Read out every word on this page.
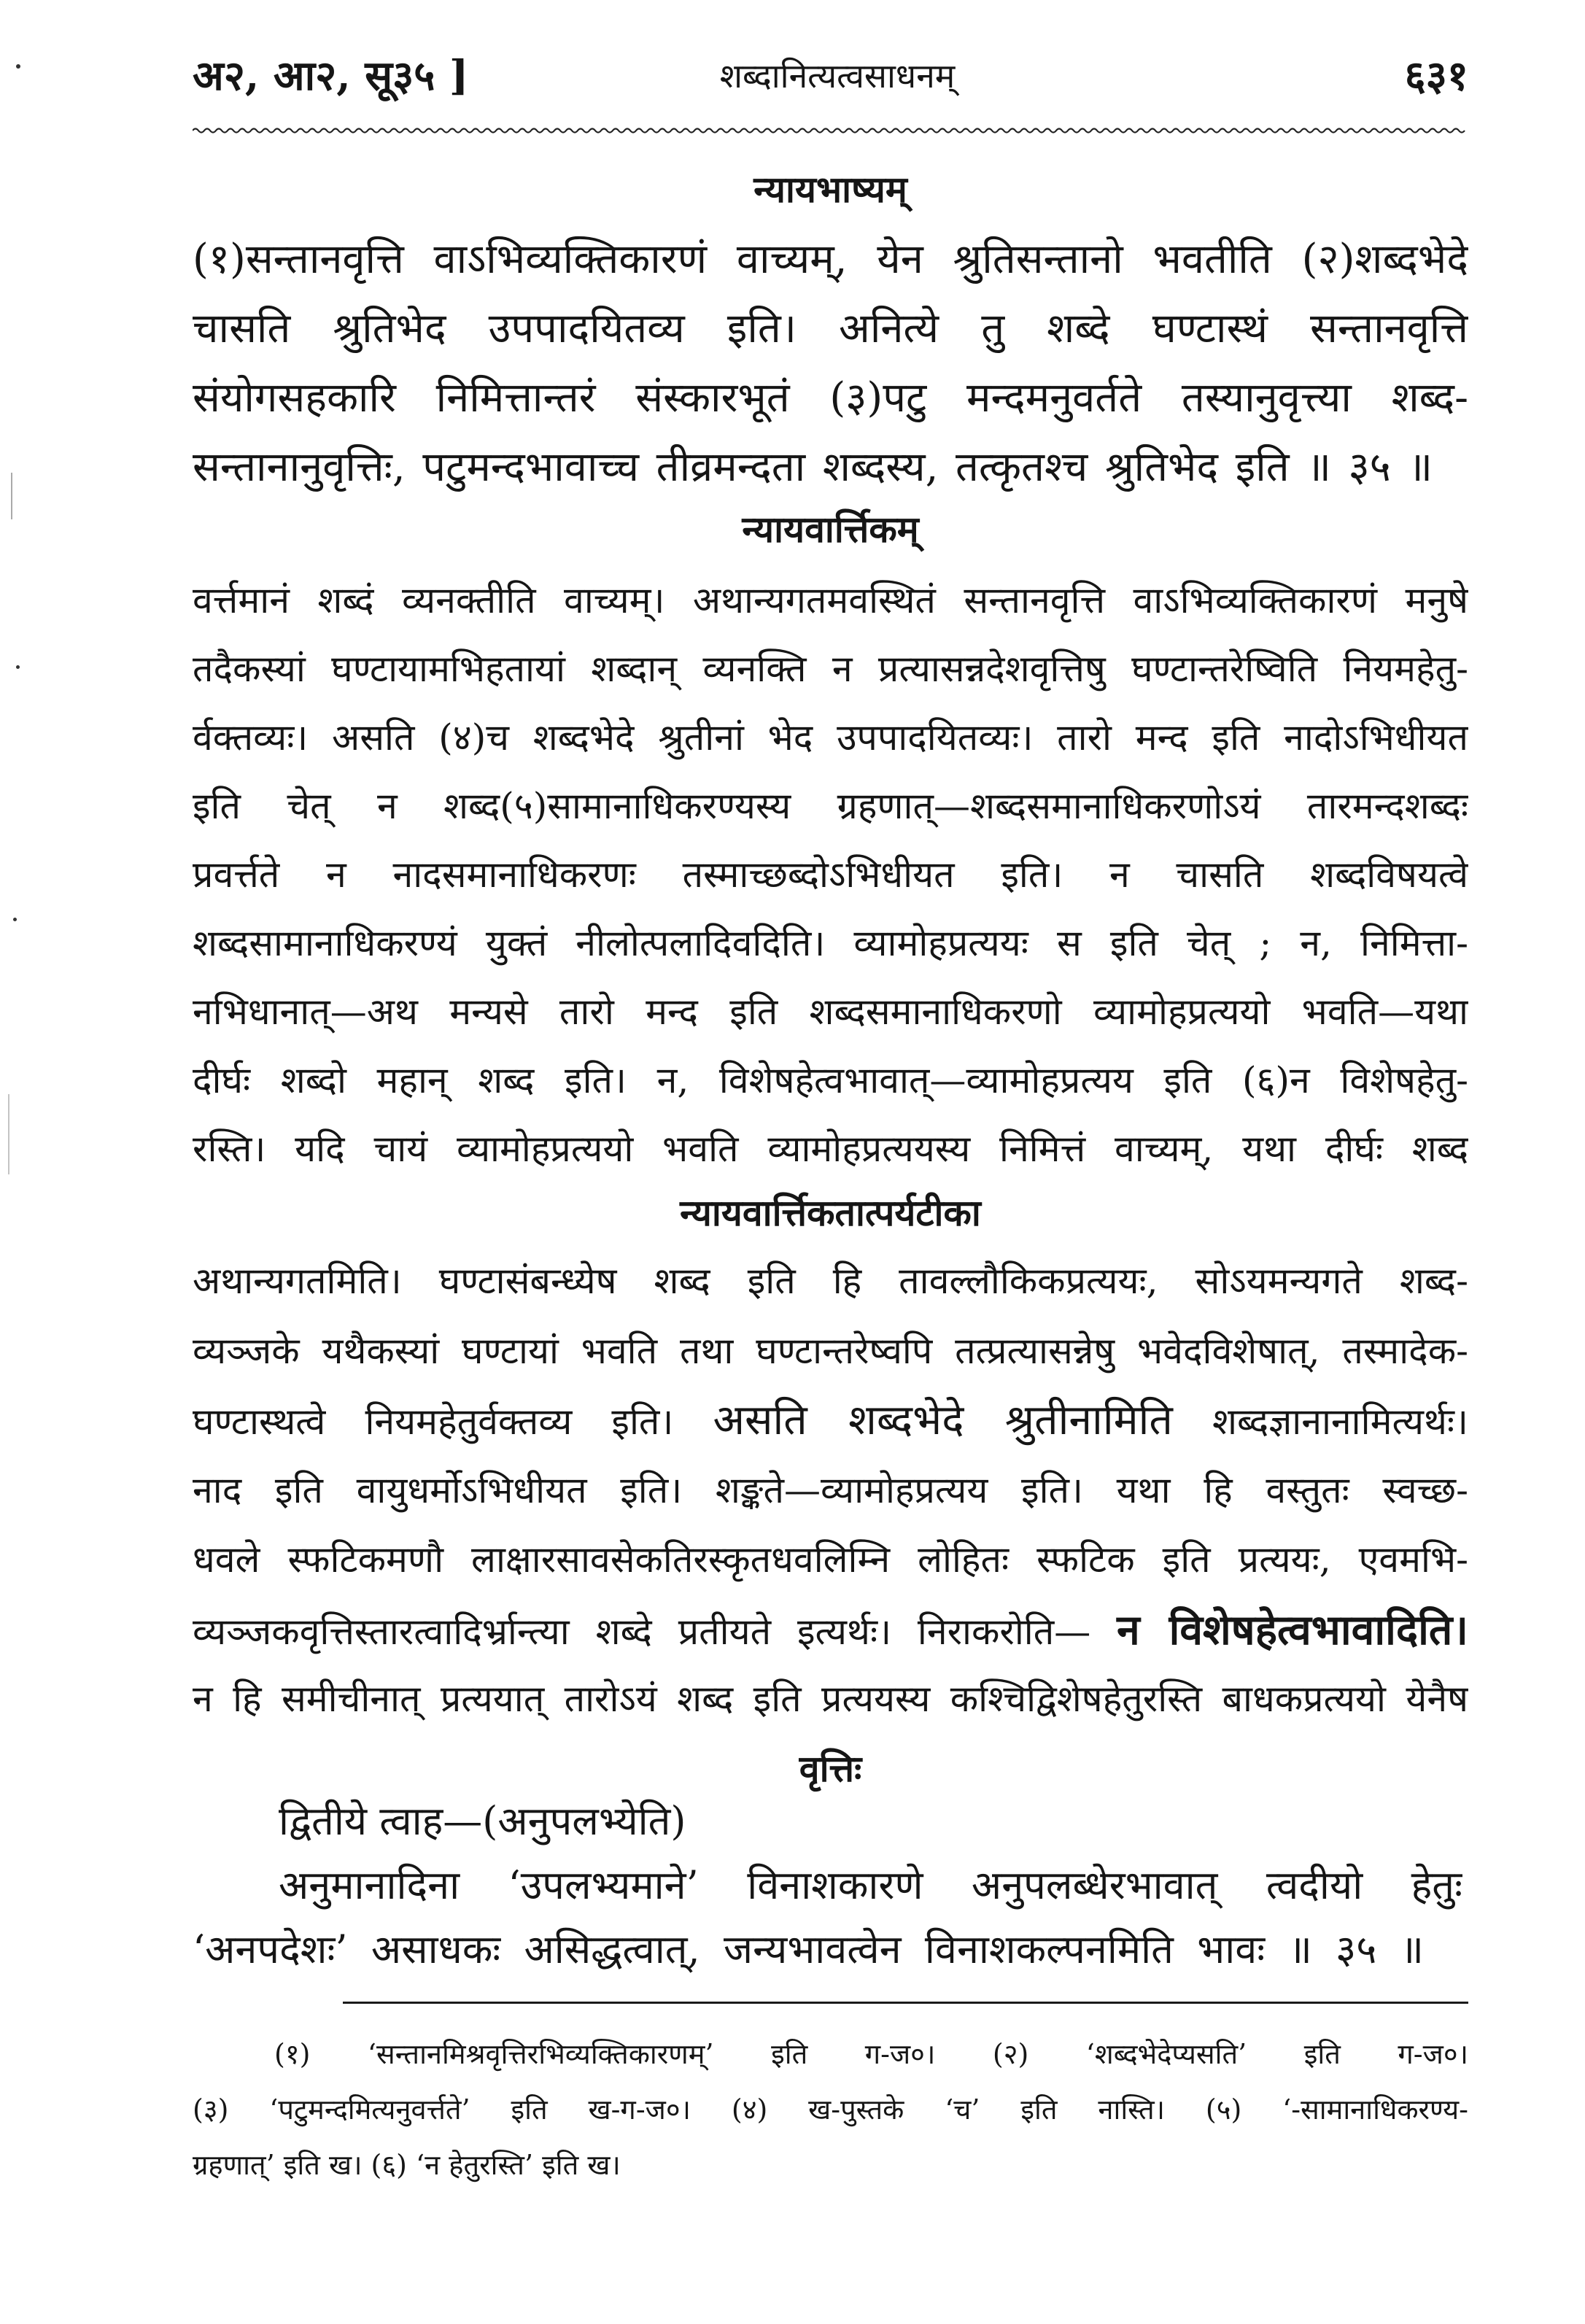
अ२, आ२, सू३५ ]	शब्दानित्यत्वसाधनम्	६३१
न्यायभाष्यम्
(१)सन्तानवृत्ति वाऽभिव्यक्तिकारणं वाच्यम्, येन श्रुतिसन्तानो भवतीति (२)शब्दभेदे
चासति श्रुतिभेद उपपादयितव्य इति। अनित्ये तु शब्दे घण्टास्थं सन्तानवृत्ति
संयोगसहकारि निमित्तान्तरं संस्कारभूतं (३)पटु मन्दमनुवर्तते तस्यानुवृत्त्या शब्द-
सन्तानानुवृत्तिः, पटुमन्दभावाच्च तीव्रमन्दता शब्दस्य, तत्कृतश्च श्रुतिभेद इति ॥ ३५ ॥
न्यायवार्त्तिकम्
वर्त्तमानं शब्दं व्यनक्तीति वाच्यम्। अथान्यगतमवस्थितं सन्तानवृत्ति वाऽभिव्यक्तिकारणं मनुषे
तदैकस्यां घण्टायामभिहतायां शब्दान् व्यनक्ति न प्रत्यासन्नदेशवृत्तिषु घण्टान्तरेष्विति नियमहेतु-
र्वक्तव्यः। असति (४)च शब्दभेदे श्रुतीनां भेद उपपादयितव्यः। तारो मन्द इति नादोऽभिधीयत
इति चेत् न शब्द(५)सामानाधिकरण्यस्य ग्रहणात्—शब्दसमानाधिकरणोऽयं तारमन्दशब्दः
प्रवर्त्तते न नादसमानाधिकरणः तस्माच्छब्दोऽभिधीयत इति। न चासति शब्दविषयत्वे
शब्दसामानाधिकरण्यं युक्तं नीलोत्पलादिवदिति। व्यामोहप्रत्ययः स इति चेत् ; न, निमित्ता-
नभिधानात्—अथ मन्यसे तारो मन्द इति शब्दसमानाधिकरणो व्यामोहप्रत्ययो भवति—यथा
दीर्घः शब्दो महान् शब्द इति। न, विशेषहेत्वभावात्—व्यामोहप्रत्यय इति (६)न विशेषहेतु-
रस्ति। यदि चायं व्यामोहप्रत्ययो भवति व्यामोहप्रत्ययस्य निमित्तं वाच्यम्, यथा दीर्घः शब्द
न्यायवार्त्तिकतात्पर्यटीका
अथान्यगतमिति। घण्टासंबन्ध्येष शब्द इति हि तावल्लौकिकप्रत्ययः, सोऽयमन्यगते शब्द-
व्यञ्जके यथैकस्यां घण्टायां भवति तथा घण्टान्तरेष्वपि तत्प्रत्यासन्नेषु भवेदविशेषात्, तस्मादेक-
घण्टास्थत्वे नियमहेतुर्वक्तव्य इति। असति शब्दभेदे श्रुतीनामिति शब्दज्ञानानामित्यर्थः।
नाद इति वायुधर्मोऽभिधीयत इति। शङ्कते—व्यामोहप्रत्यय इति। यथा हि वस्तुतः स्वच्छ-
धवले स्फटिकमणौ लाक्षारसावसेकतिरस्कृतधवलिम्नि लोहितः स्फटिक इति प्रत्ययः, एवमभि-
व्यञ्जकवृत्तिस्तारत्वादिर्भ्रान्त्या शब्दे प्रतीयते इत्यर्थः। निराकरोति— न विशेषहेत्वभावादिति।
न हि समीचीनात् प्रत्ययात् तारोऽयं शब्द इति प्रत्ययस्य कश्चिद्विशेषहेतुरस्ति बाधकप्रत्ययो येनैष
वृत्तिः
द्वितीये त्वाह—(अनुपलभ्येति)
अनुमानादिना ‘उपलभ्यमाने’ विनाशकारणे अनुपलब्धेरभावात् त्वदीयो हेतुः
‘अनपदेशः’ असाधकः असिद्धत्वात्, जन्यभावत्वेन विनाशकल्पनमिति भावः ॥ ३५ ॥
(१) ‘सन्तानमिश्रवृत्तिरभिव्यक्तिकारणम्’ इति ग-ज०। (२) ‘शब्दभेदेप्यसति’ इति ग-ज०।
(३) ‘पटुमन्दमित्यनुवर्त्तते’ इति ख-ग-ज०। (४) ख-पुस्तके ‘च’ इति नास्ति। (५) ‘-सामानाधिकरण्य-
ग्रहणात्’ इति ख। (६) ‘न हेतुरस्ति’ इति ख।
